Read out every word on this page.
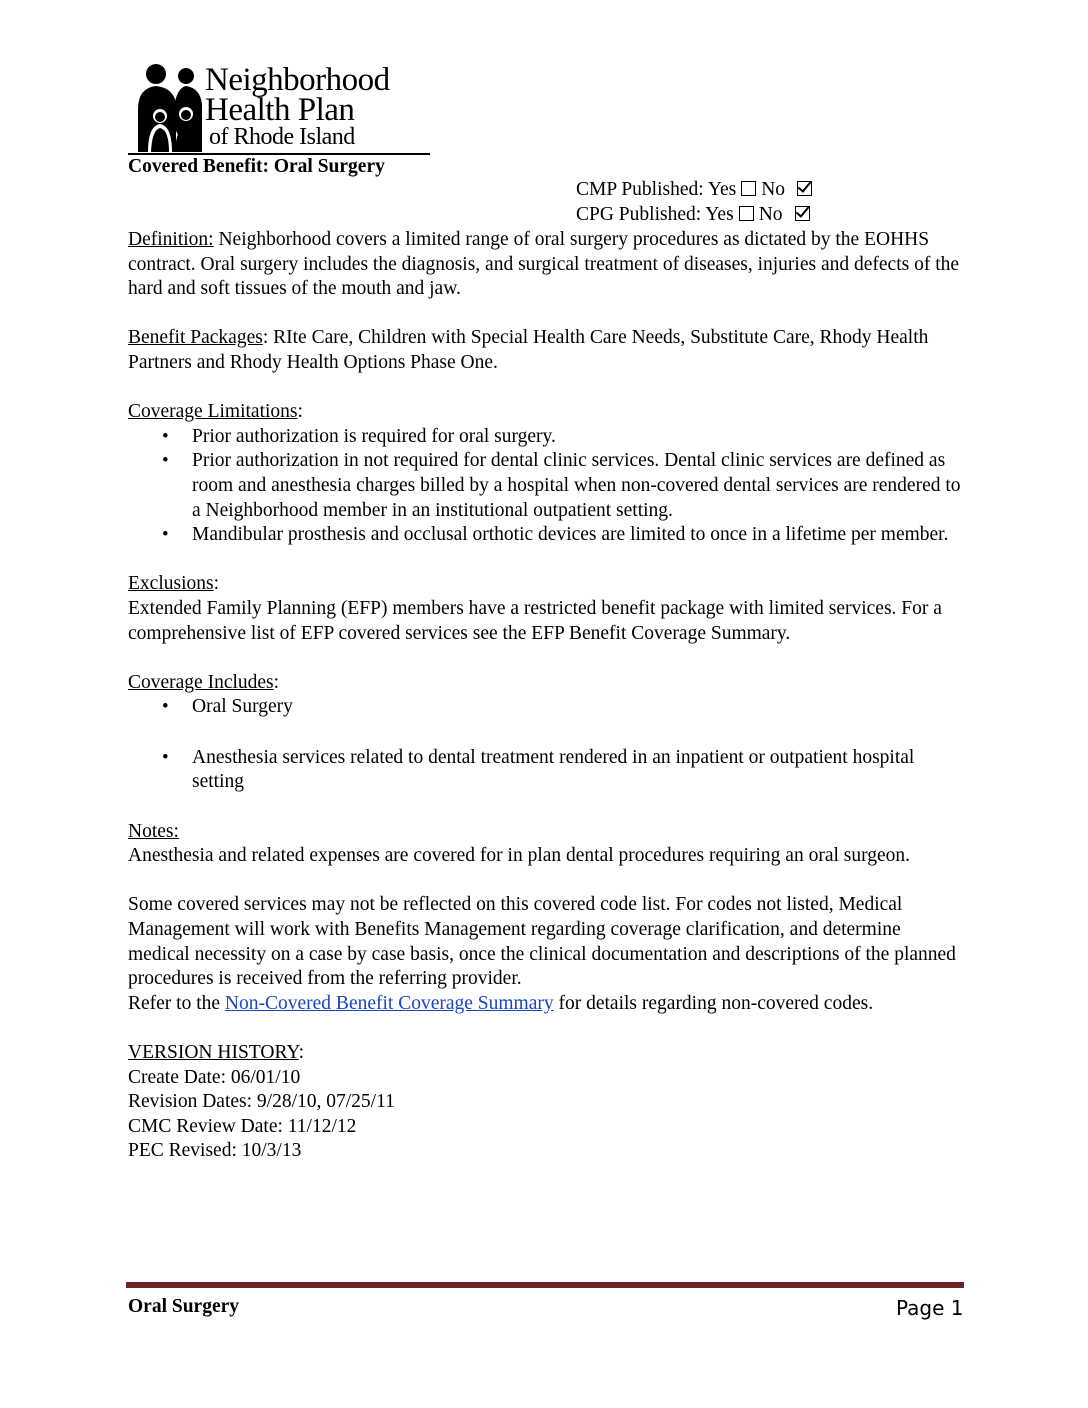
Neighborhood
Health Plan
of Rhode Island
Covered Benefit: Oral Surgery
CMP Published: Yes No
CPG Published: Yes No

Definition: Neighborhood covers a limited range of oral surgery procedures as dictated by the EOHHS contract. Oral surgery includes the diagnosis, and surgical treatment of diseases, injuries and defects of the hard and soft tissues of the mouth and jaw.

Benefit Packages: RIte Care, Children with Special Health Care Needs, Substitute Care, Rhody Health Partners and Rhody Health Options Phase One.

Coverage Limitations:

• Prior authorization is required for oral surgery.
• Prior authorization in not required for dental clinic services. Dental clinic services are defined as room and anesthesia charges billed by a hospital when non-covered dental services are rendered to a Neighborhood member in an institutional outpatient setting.
• Mandibular prosthesis and occlusal orthotic devices are limited to once in a lifetime per member.

Exclusions:

Extended Family Planning (EFP) members have a restricted benefit package with limited services. For a comprehensive list of EFP covered services see the EFP Benefit Coverage Summary.

Coverage Includes:

• Oral Surgery
• Anesthesia services related to dental treatment rendered in an inpatient or outpatient hospital setting

Notes:

Anesthesia and related expenses are covered for in plan dental procedures requiring an oral surgeon.

Some covered services may not be reflected on this covered code list. For codes not listed, Medical Management will work with Benefits Management regarding coverage clarification, and determine medical necessity on a case by case basis, once the clinical documentation and descriptions of the planned procedures is received from the referring provider.

Refer to the Non-Covered Benefit Coverage Summary for details regarding non-covered codes.

VERSION HISTORY:

Create Date: 06/01/10

Revision Dates: 9/28/10, 07/25/11

CMC Review Date: 11/12/12

PEC Revised: 10/3/13

Oral Surgery	Page 1
